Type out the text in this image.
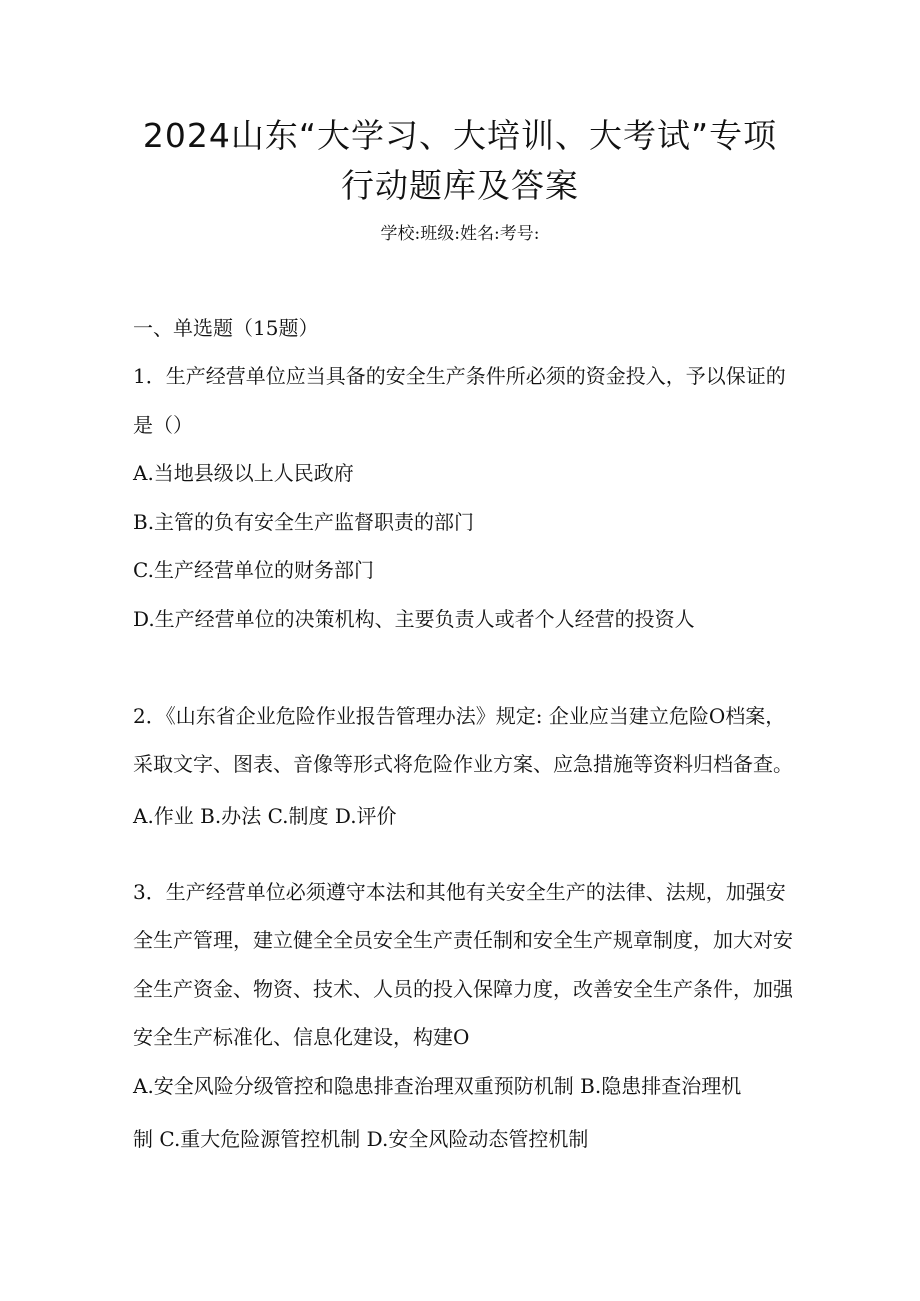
2024山东“大学习、大培训、大考试”专项
行动题库及答案
学校:班级:姓名:考号:
一、单选题（15题）
1．生产经营单位应当具备的安全生产条件所必须的资金投入，予以保证的
是（）
A.当地县级以上人民政府
B.主管的负有安全生产监督职责的部门
C.生产经营单位的财务部门
D.生产经营单位的决策机构、主要负责人或者个人经营的投资人
2．《山东省企业危险作业报告管理办法》规定: 企业应当建立危险O档案，
采取文字、图表、音像等形式将危险作业方案、应急措施等资料归档备查。
A.作业 B.办法 C.制度 D.评价
3．生产经营单位必须遵守本法和其他有关安全生产的法律、法规，加强安
全生产管理，建立健全全员安全生产责任制和安全生产规章制度，加大对安
全生产资金、物资、技术、人员的投入保障力度，改善安全生产条件，加强
安全生产标准化、信息化建设，构建O
A.安全风险分级管控和隐患排查治理双重预防机制 B.隐患排查治理机
制 C.重大危险源管控机制 D.安全风险动态管控机制
